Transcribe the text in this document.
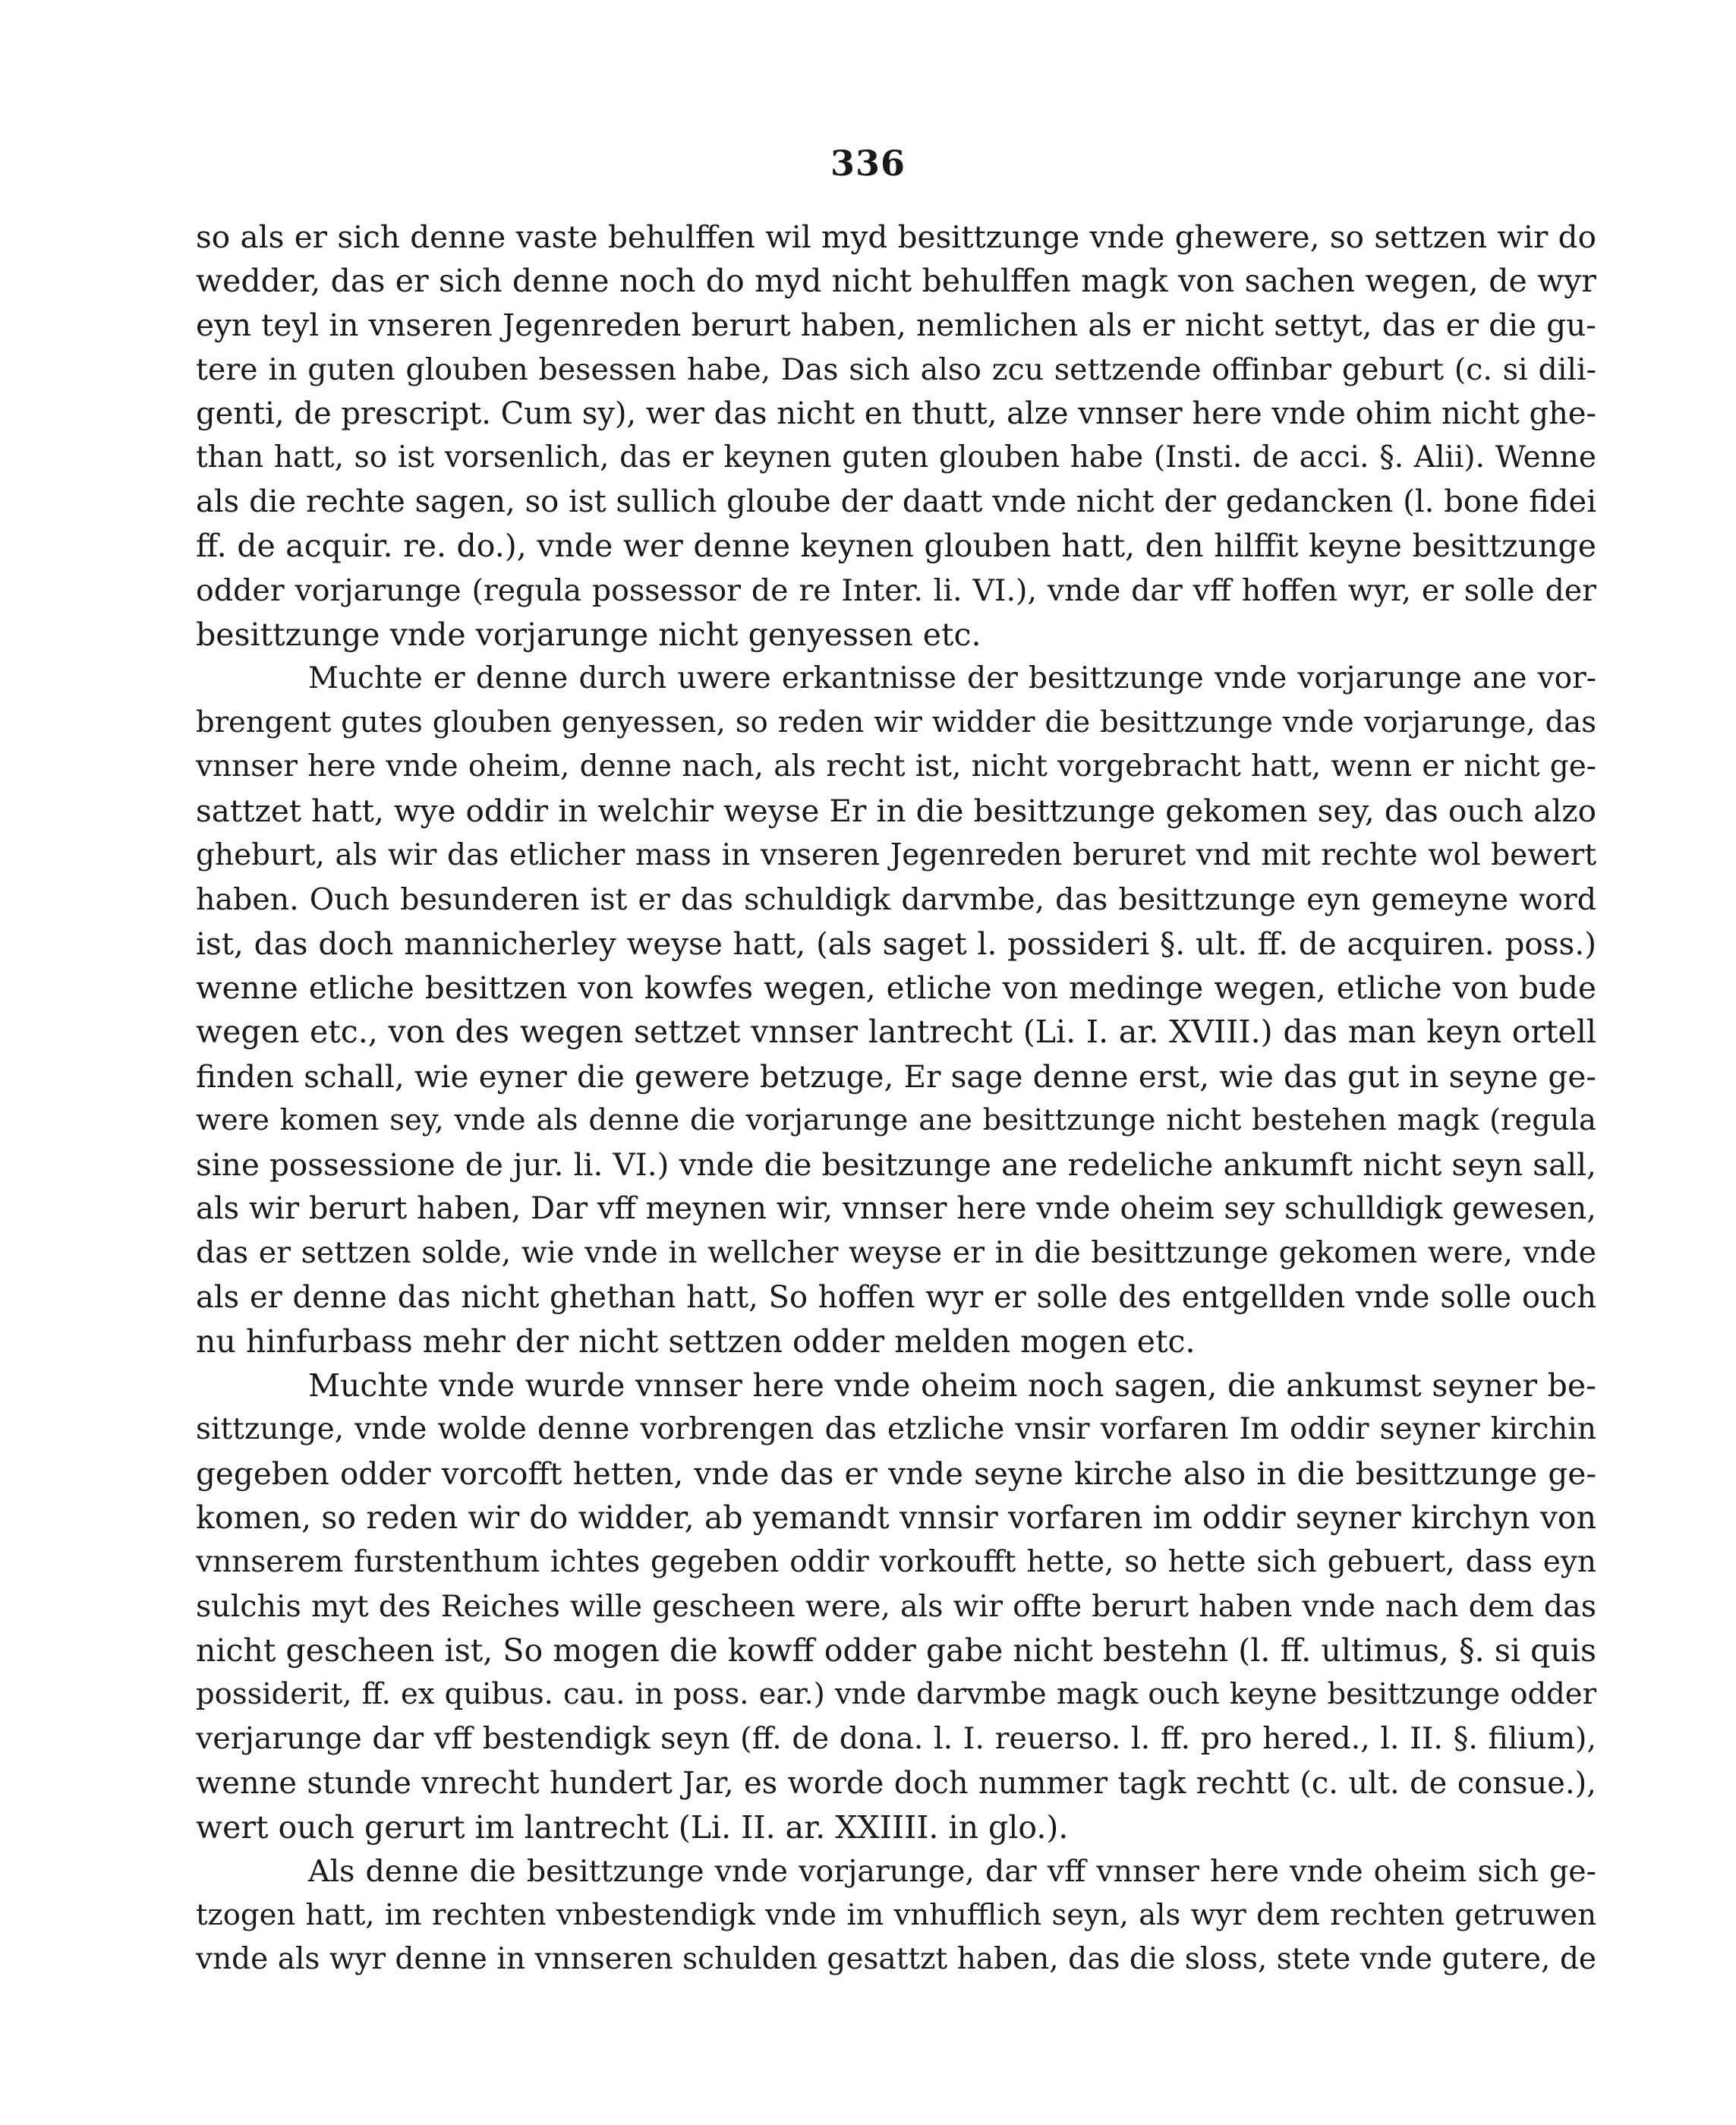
336
so als er sich denne vaste behulffen wil myd besittzunge vnde ghewere, so settzen wir do
wedder, das er sich denne noch do myd nicht behulffen magk von sachen wegen, de wyr
eyn teyl in vnseren Jegenreden berurt haben, nemlichen als er nicht settyt, das er die gu-
tere in guten glouben besessen habe, Das sich also zcu settzende offinbar geburt (c. si dili-
genti, de prescript. Cum sy), wer das nicht en thutt, alze vnnser here vnde ohim nicht ghe-
than hatt, so ist vorsenlich, das er keynen guten glouben habe (Insti. de acci. §. Alii). Wenne
als die rechte sagen, so ist sullich gloube der daatt vnde nicht der gedancken (l. bone fidei
ff. de acquir. re. do.), vnde wer denne keynen glouben hatt, den hilffit keyne besittzunge
odder vorjarunge (regula possessor de re Inter. li. VI.), vnde dar vff hoffen wyr, er solle der
besittzunge vnde vorjarunge nicht genyessen etc.
Muchte er denne durch uwere erkantnisse der besittzunge vnde vorjarunge ane vor-
brengent gutes glouben genyessen, so reden wir widder die besittzunge vnde vorjarunge, das
vnnser here vnde oheim, denne nach, als recht ist, nicht vorgebracht hatt, wenn er nicht ge-
sattzet hatt, wye oddir in welchir weyse Er in die besittzunge gekomen sey, das ouch alzo
gheburt, als wir das etlicher mass in vnseren Jegenreden beruret vnd mit rechte wol bewert
haben. Ouch besunderen ist er das schuldigk darvmbe, das besittzunge eyn gemeyne word
ist, das doch mannicherley weyse hatt, (als saget l. possideri §. ult. ff. de acquiren. poss.)
wenne etliche besittzen von kowfes wegen, etliche von medinge wegen, etliche von bude
wegen etc., von des wegen settzet vnnser lantrecht (Li. I. ar. XVIII.) das man keyn ortell
finden schall, wie eyner die gewere betzuge, Er sage denne erst, wie das gut in seyne ge-
were komen sey, vnde als denne die vorjarunge ane besittzunge nicht bestehen magk (regula
sine possessione de jur. li. VI.) vnde die besitzunge ane redeliche ankumft nicht seyn sall,
als wir berurt haben, Dar vff meynen wir, vnnser here vnde oheim sey schulldigk gewesen,
das er settzen solde, wie vnde in wellcher weyse er in die besittzunge gekomen were, vnde
als er denne das nicht ghethan hatt, So hoffen wyr er solle des entgellden vnde solle ouch
nu hinfurbass mehr der nicht settzen odder melden mogen etc.
Muchte vnde wurde vnnser here vnde oheim noch sagen, die ankumst seyner be-
sittzunge, vnde wolde denne vorbrengen das etzliche vnsir vorfaren Im oddir seyner kirchin
gegeben odder vorcofft hetten, vnde das er vnde seyne kirche also in die besittzunge ge-
komen, so reden wir do widder, ab yemandt vnnsir vorfaren im oddir seyner kirchyn von
vnnserem furstenthum ichtes gegeben oddir vorkoufft hette, so hette sich gebuert, dass eyn
sulchis myt des Reiches wille gescheen were, als wir offte berurt haben vnde nach dem das
nicht gescheen ist, So mogen die kowff odder gabe nicht bestehn (l. ff. ultimus, §. si quis
possiderit, ff. ex quibus. cau. in poss. ear.) vnde darvmbe magk ouch keyne besittzunge odder
verjarunge dar vff bestendigk seyn (ff. de dona. l. I. reuerso. l. ff. pro hered., l. II. §. filium),
wenne stunde vnrecht hundert Jar, es worde doch nummer tagk rechtt (c. ult. de consue.),
wert ouch gerurt im lantrecht (Li. II. ar. XXIIII. in glo.).
Als denne die besittzunge vnde vorjarunge, dar vff vnnser here vnde oheim sich ge-
tzogen hatt, im rechten vnbestendigk vnde im vnhufflich seyn, als wyr dem rechten getruwen
vnde als wyr denne in vnnseren schulden gesattzt haben, das die sloss, stete vnde gutere, de
